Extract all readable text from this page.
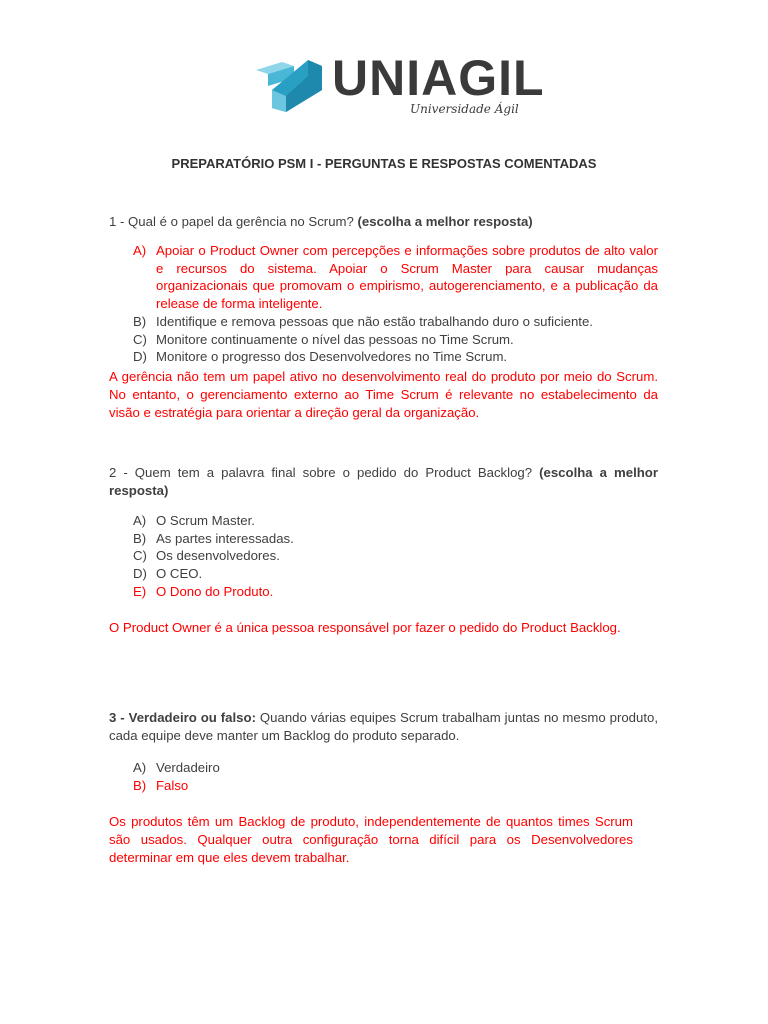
UNIAGIL
Universidade Ágil
PREPARATÓRIO PSM I - PERGUNTAS E RESPOSTAS COMENTADAS
1 - Qual é o papel da gerência no Scrum? (escolha a melhor resposta)
A) Apoiar o Product Owner com percepções e informações sobre produtos de alto valor e recursos do sistema. Apoiar o Scrum Master para causar mudanças organizacionais que promovam o empirismo, autogerenciamento, e a publicação da release de forma inteligente.
B) Identifique e remova pessoas que não estão trabalhando duro o suficiente.
C) Monitore continuamente o nível das pessoas no Time Scrum.
D) Monitore o progresso dos Desenvolvedores no Time Scrum.
A gerência não tem um papel ativo no desenvolvimento real do produto por meio do Scrum. No entanto, o gerenciamento externo ao Time Scrum é relevante no estabelecimento da visão e estratégia para orientar a direção geral da organização.
2 - Quem tem a palavra final sobre o pedido do Product Backlog? (escolha a melhor resposta)
A) O Scrum Master.
B) As partes interessadas.
C) Os desenvolvedores.
D) O CEO.
E) O Dono do Produto.
O Product Owner é a única pessoa responsável por fazer o pedido do Product Backlog.
3 - Verdadeiro ou falso: Quando várias equipes Scrum trabalham juntas no mesmo produto, cada equipe deve manter um Backlog do produto separado.
A) Verdadeiro
B) Falso
Os produtos têm um Backlog de produto, independentemente de quantos times Scrum são usados. Qualquer outra configuração torna difícil para os Desenvolvedores determinar em que eles devem trabalhar.
